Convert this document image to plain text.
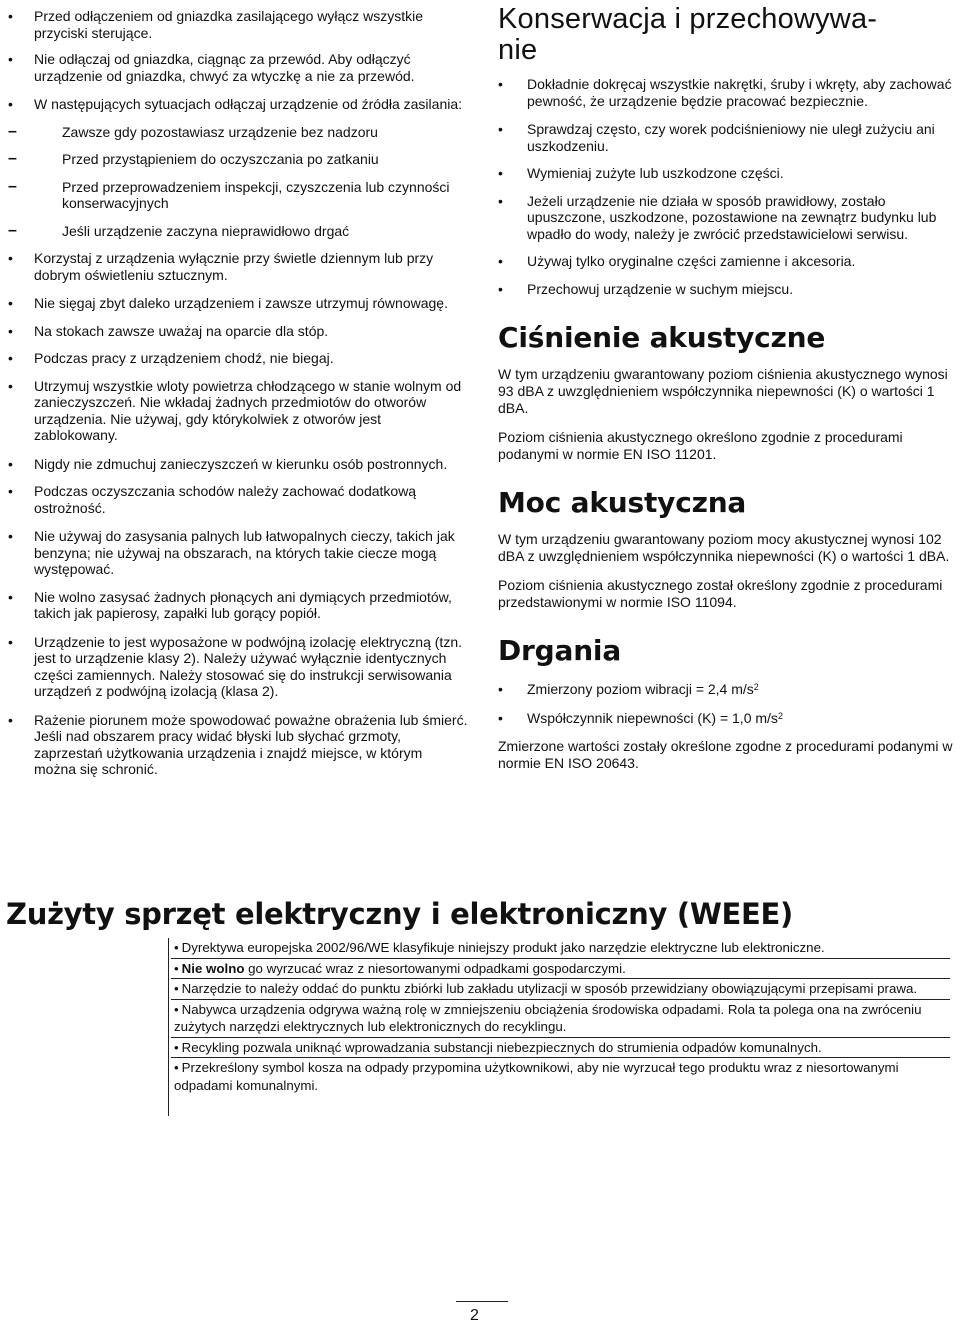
• Przed odłączeniem od gniazdka zasilającego wyłącz wszystkie przyciski sterujące.
• Nie odłączaj od gniazdka, ciągnąc za przewód. Aby odłączyć urządzenie od gniazdka, chwyć za wtyczkę a nie za przewód.
• W następujących sytuacjach odłączaj urządzenie od źródła zasilania:
– Zawsze gdy pozostawiasz urządzenie bez nadzoru
– Przed przystąpieniem do oczyszczania po zatkaniu
– Przed przeprowadzeniem inspekcji, czyszczenia lub czynności konserwacyjnych
– Jeśli urządzenie zaczyna nieprawidłowo drgać
• Korzystaj z urządzenia wyłącznie przy świetle dziennym lub przy dobrym oświetleniu sztucznym.
• Nie sięgaj zbyt daleko urządzeniem i zawsze utrzymuj równowagę.
• Na stokach zawsze uważaj na oparcie dla stóp.
• Podczas pracy z urządzeniem chodź, nie biegaj.
• Utrzymuj wszystkie wloty powietrza chłodzącego w stanie wolnym od zanieczyszczeń. Nie wkładaj żadnych przedmiotów do otworów urządzenia. Nie używaj, gdy którykolwiek z otworów jest zablokowany.
• Nigdy nie zdmuchuj zanieczyszczeń w kierunku osób postronnych.
• Podczas oczyszczania schodów należy zachować dodatkową ostrożność.
• Nie używaj do zasysania palnych lub łatwopalnych cieczy, takich jak benzyna; nie używaj na obszarach, na których takie ciecze mogą występować.
• Nie wolno zasysać żadnych płonących ani dymiących przedmiotów, takich jak papierosy, zapałki lub gorący popiół.
• Urządzenie to jest wyposażone w podwójną izolację elektryczną (tzn. jest to urządzenie klasy 2). Należy używać wyłącznie identycznych części zamiennych. Należy stosować się do instrukcji serwisowania urządzeń z podwójną izolacją (klasa 2).
• Rażenie piorunem może spowodować poważne obrażenia lub śmierć. Jeśli nad obszarem pracy widać błyski lub słychać grzmoty, zaprzestań użytkowania urządzenia i znajdź miejsce, w którym można się schronić.
Konserwacja i przechowywa-
nie
• Dokładnie dokręcaj wszystkie nakrętki, śruby i wkręty, aby zachować pewność, że urządzenie będzie pracować bezpiecznie.
• Sprawdzaj często, czy worek podciśnieniowy nie uległ zużyciu ani uszkodzeniu.
• Wymieniaj zużyte lub uszkodzone części.
• Jeżeli urządzenie nie działa w sposób prawidłowy, zostało upuszczone, uszkodzone, pozostawione na zewnątrz budynku lub wpadło do wody, należy je zwrócić przedstawicielowi serwisu.
• Używaj tylko oryginalne części zamienne i akcesoria.
• Przechowuj urządzenie w suchym miejscu.
Ciśnienie akustyczne

W tym urządzeniu gwarantowany poziom ciśnienia akustycznego wynosi 93 dBA z uwzględnieniem współczynnika niepewności (K) o wartości 1 dBA.

Poziom ciśnienia akustycznego określono zgodnie z procedurami podanymi w normie EN ISO 11201.

Moc akustyczna

W tym urządzeniu gwarantowany poziom mocy akustycznej wynosi 102 dBA z uwzględnieniem współczynnika niepewności (K) o wartości 1 dBA.

Poziom ciśnienia akustycznego został określony zgodnie z procedurami przedstawionymi w normie ISO 11094.

Drgania
• Zmierzony poziom wibracji = 2,4 $m/s^2$
• Współczynnik niepewności (K) = 1,0 $m/s^2$

Zmierzone wartości zostały określone zgodne z procedurami podanymi w normie EN ISO 20643.

Zużyty sprzęt elektryczny i elektroniczny (WEEE)
• Dyrektywa europejska 2002/96/WE klasyfikuje niniejszy produkt jako narzędzie elektryczne lub elektroniczne.
• Nie wolno go wyrzucać wraz z niesortowanymi odpadkami gospodarczymi.
• Narzędzie to należy oddać do punktu zbiórki lub zakładu utylizacji w sposób przewidziany obowiązującymi przepisami prawa.
• Nabywca urządzenia odgrywa ważną rolę w zmniejszeniu obciążenia środowiska odpadami. Rola ta polega ona na zwróceniu zużytych narzędzi elektrycznych lub elektronicznych do recyklingu.
• Recykling pozwala uniknąć wprowadzania substancji niebezpiecznych do strumienia odpadów komunalnych.
• Przekreślony symbol kosza na odpady przypomina użytkownikowi, aby nie wyrzucał tego produktu wraz z niesortowanymi odpadami komunalnymi.
2
